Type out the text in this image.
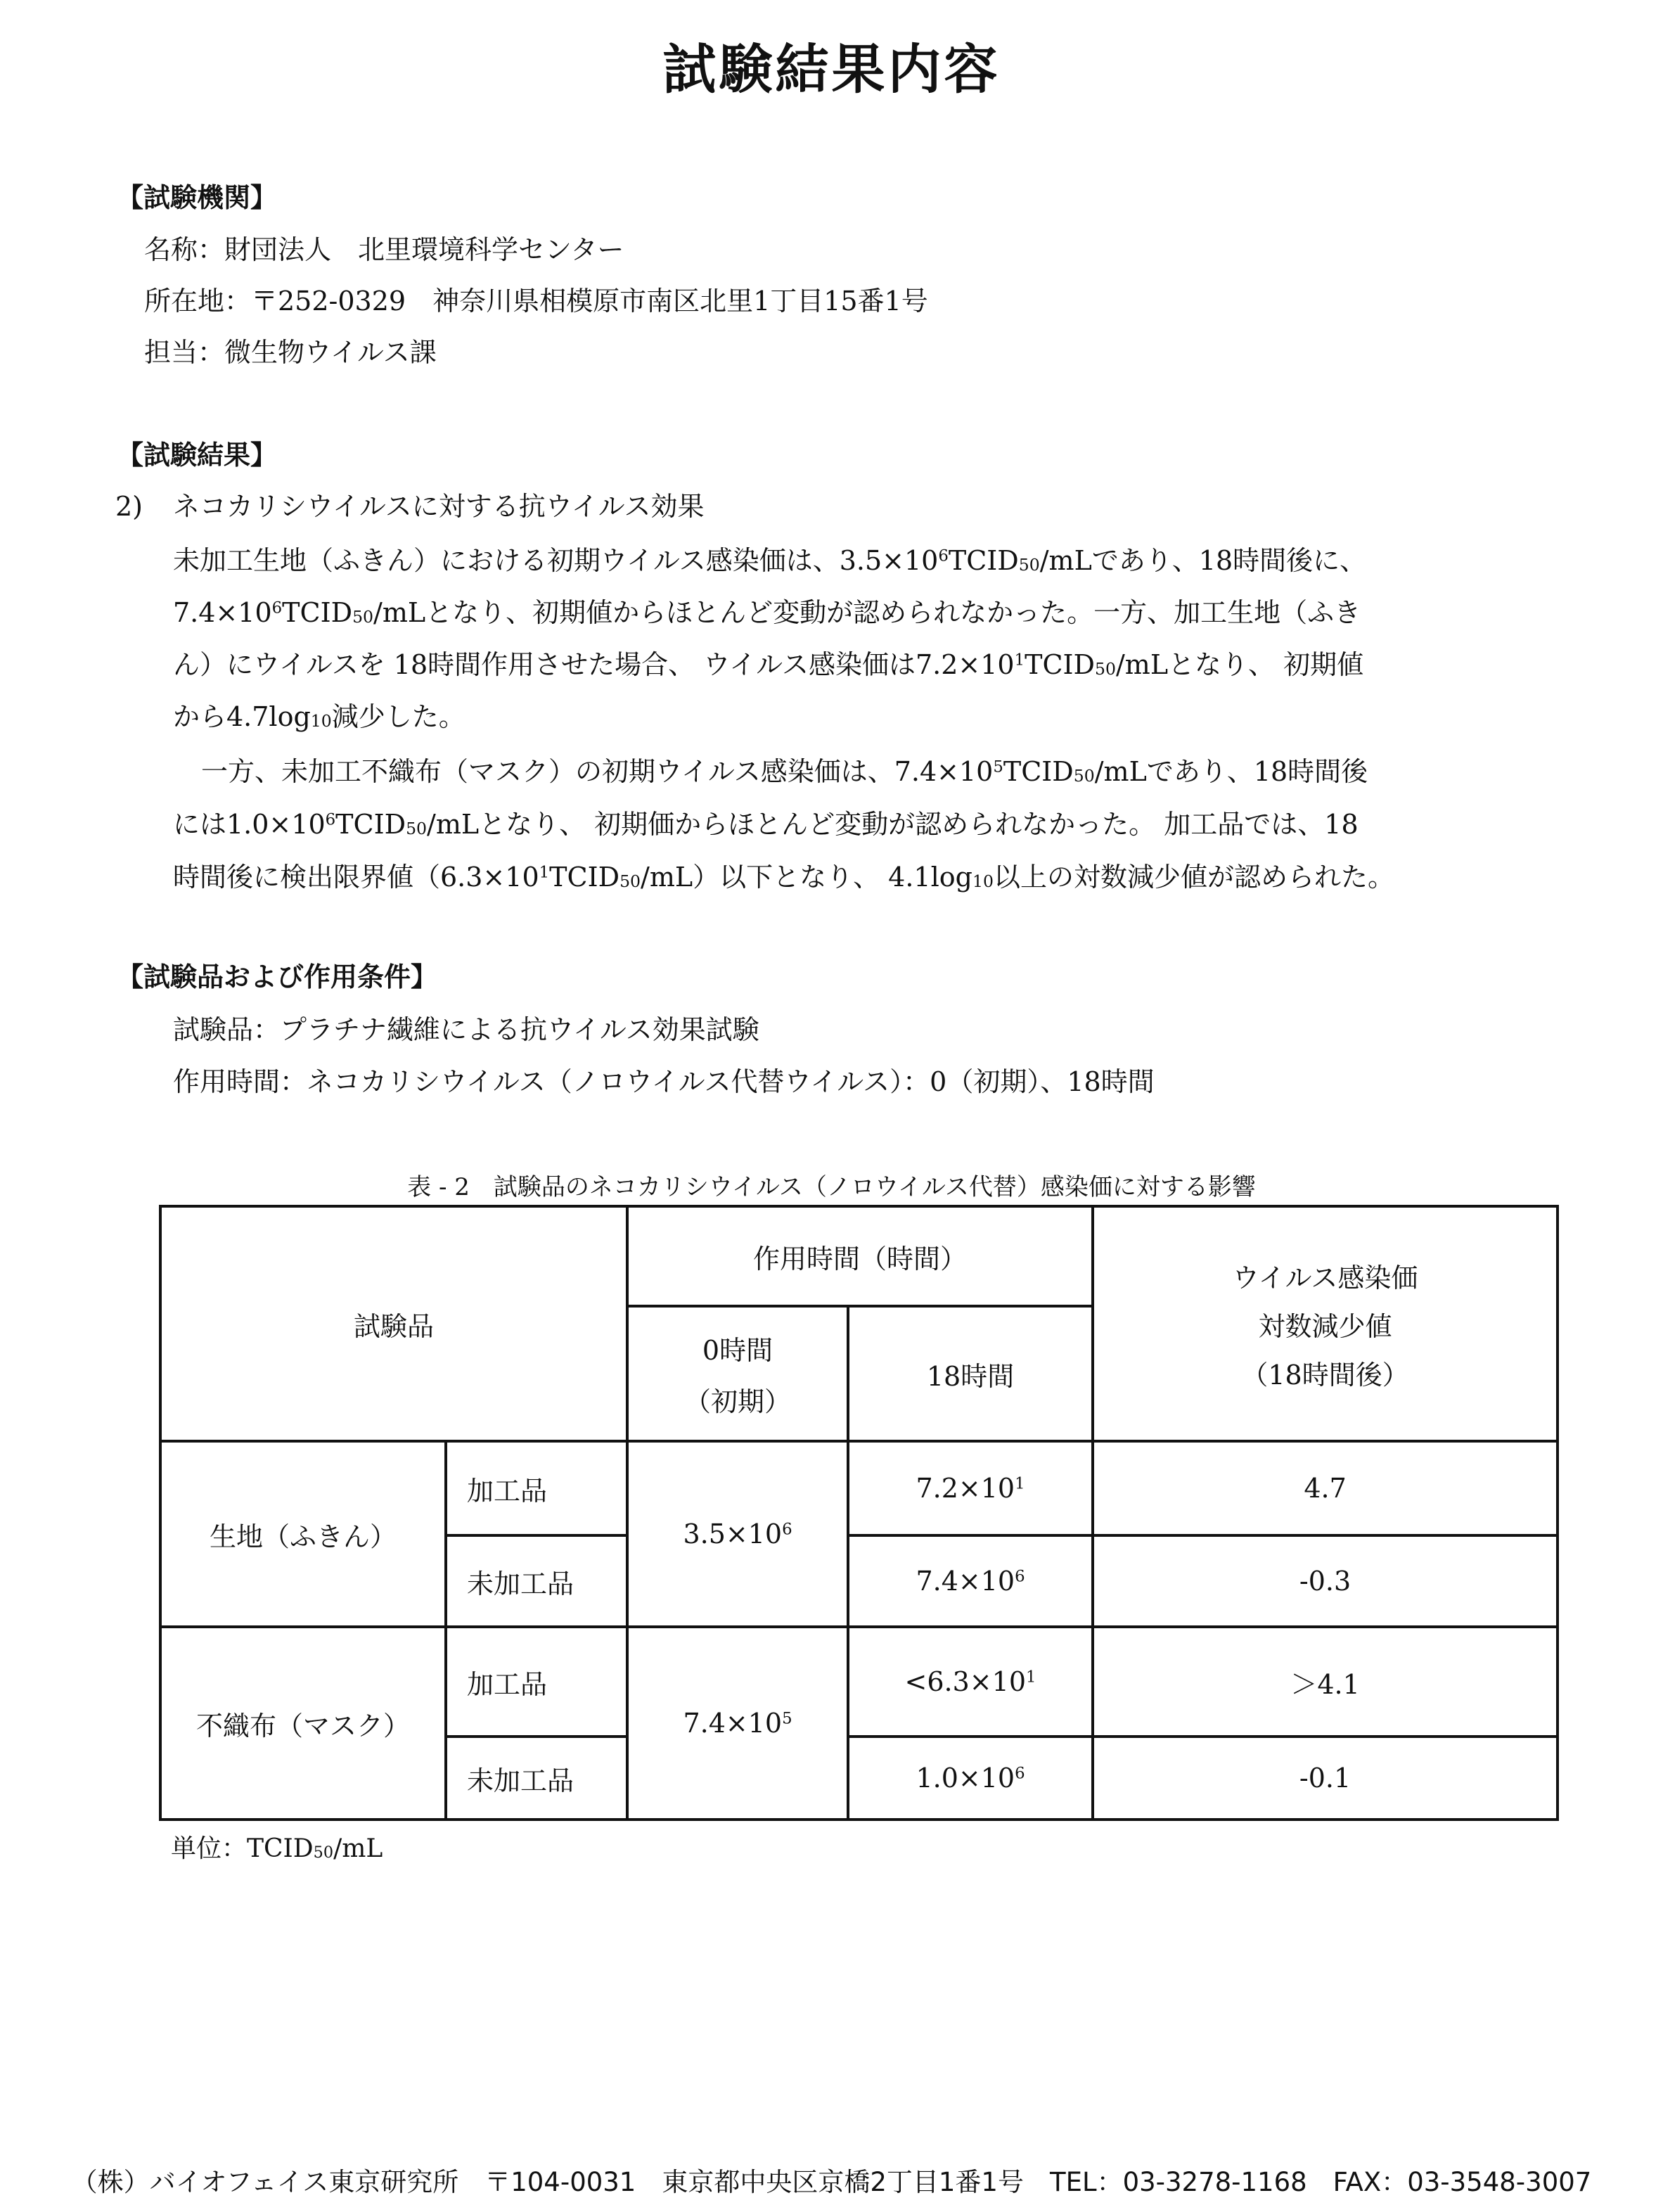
試験結果内容
【試験機関】
名称：財団法人　北里環境科学センター
所在地：〒252-0329　神奈川県相模原市南区北里1丁目15番1号
担当：微生物ウイルス課
【試験結果】
2) ネコカリシウイルスに対する抗ウイルス効果
未加工生地（ふきん）における初期ウイルス感染価は、$3.5\times 10^6TCID_{50}/mL$であり、18時間後に、
$7.4\times 10^6TCID_{50}/mL$となり、初期値からほとんど変動が認められなかった。一方、加工生地（ふき
ん）にウイルスを 18時間作用させた場合、 ウイルス感染価は$7.2\times 10^1TCID_{50}/mL$となり、 初期値
から$4.7\log_{10}$減少した。
一方、未加工不織布（マスク）の初期ウイルス感染価は、$7.4\times 10^5TCID_{50}/mL$であり、18時間後
には$1.0\times 10^6TCID_{50}/mL$となり、 初期価からほとんど変動が認められなかった。 加工品では、18
時間後に検出限界値$(6.3\times 10^1TCID_{50}/mL)$以下となり、 $4.1\log_{10}$以上の対数減少値が認められた。
【試験品および作用条件】
試験品：プラチナ繊維による抗ウイルス効果試験
作用時間：ネコカリシウイルス（ノロウイルス代替ウイルス）：0（初期）、18時間
表 - 2　試験品のネコカリシウイルス（ノロウイルス代替）感染価に対する影響
試験品		作用時間（時間）		ウイルス感染価
対数減少値
（18時間後）

		0時間
（初期）	18時間	
生地（ふきん）	加工品	$3.5\times 10^6$	$7.2\times 10^1$	4.7
	未加工品		$7.4\times 10^6$	-0.3
不織布（マスク）	加工品	$7.4\times 10^5$	$<6.3\times 10^1$	＞4.1
	未加工品		$1.0\times 10^6$	-0.1
単位：$TCID_{50}/mL$
（株）バイオフェイス東京研究所　〒104-0031　東京都中央区京橋2丁目1番1号　TEL：03-3278-1168　FAX：03-3548-3007
